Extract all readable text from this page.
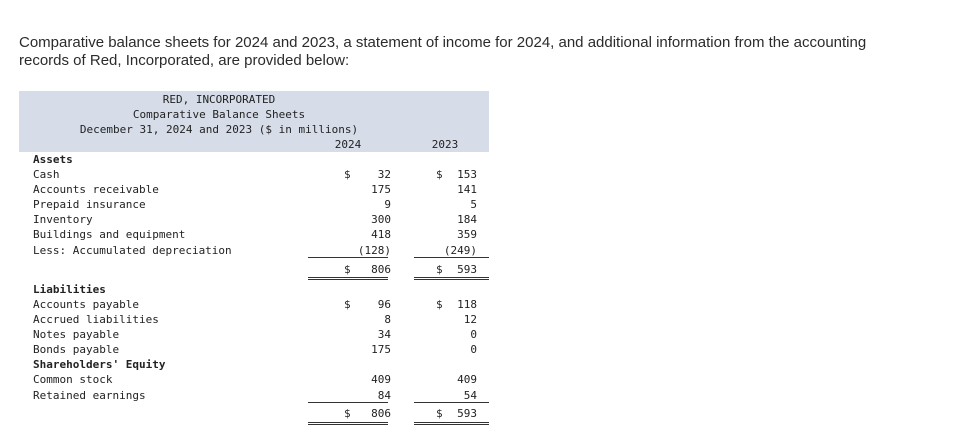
Comparative balance sheets for 2024 and 2023, a statement of income for 2024, and additional information from the accounting

records of Red, Incorporated, are provided below:

RED, INCORPORATED
Comparative Balance Sheets
December 31, 2024 and 2023 ($ in millions)
2024	2023
Assets
Cash	$	32	$	153
Accounts receivable	175	141
Prepaid insurance	9	5
Inventory	300	184
Buildings and equipment	418	359
Less: Accumulated depreciation	(128)	(249)
$	806	$	593
Liabilities
Accounts payable	$	96	$	118
Accrued liabilities	8	12
Notes payable	34	0
Bonds payable	175	0
Shareholders' Equity
Common stock	409	409
Retained earnings	84	54
$	806	$	593
